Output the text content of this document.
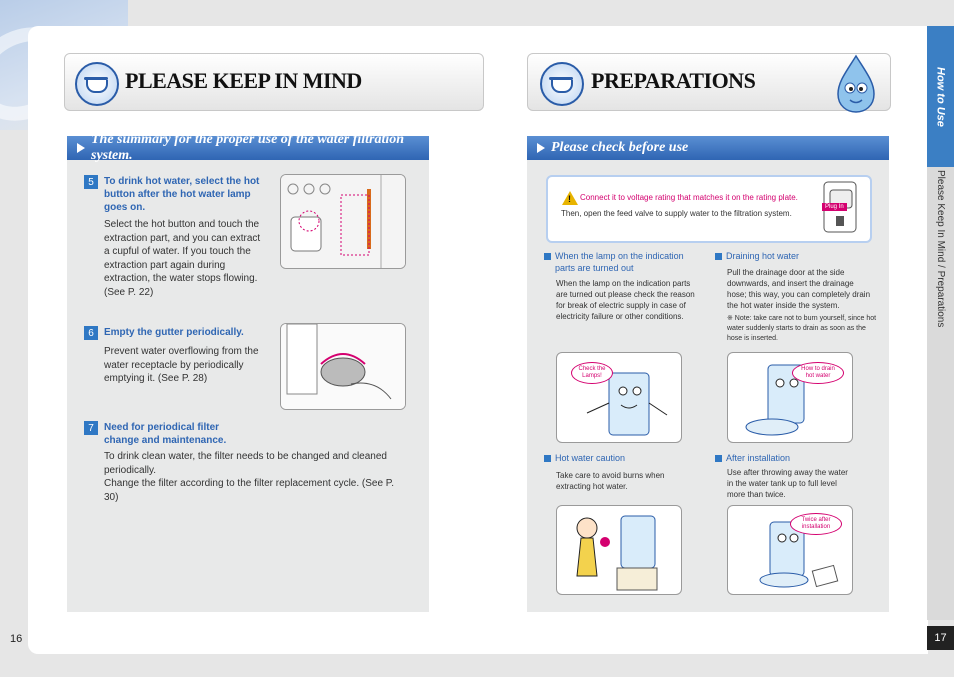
How to Use
Please Keep In Mind / Preparations
16	17
PLEASE KEEP IN MIND	PREPARATIONS
The summary for the proper use of the water filtration system.
5	To drink hot water, select the hot button after the hot water lamp goes on.
Select the hot button and touch the extraction part, and you can extract a cupful of water. If you touch the extraction part again during extraction, the water stops flowing. (See P. 22)
6	Empty the gutter periodically.
Prevent water overflowing from the water receptacle by periodically emptying it. (See P. 28)
7	Need for periodical filter change and maintenance.
To drink clean water, the filter needs to be changed and cleaned periodically.
Change the filter according to the filter replacement cycle. (See P. 30)
Please check before use
! Connect it to voltage rating that matches it on the rating plate.
Then, open the feed valve to supply water to the filtration system.
Plug In
When the lamp on the indication parts are turned out
When the lamp on the indication parts are turned out please check the reason for break of electric supply in case of electricity failure or other conditions.
Check the Lamps!
Draining hot water
Pull the drainage door at the side downwards, and insert the drainage hose; this way, you can completely drain the hot water inside the system.
※ Note: take care not to burn yourself, since hot water suddenly starts to drain as soon as the hose is inserted.
How to drain hot water
Hot water caution
Take care to avoid burns when extracting hot water.
After installation
Use after throwing away the water in the water tank up to full level more than twice.
Twice after installation
